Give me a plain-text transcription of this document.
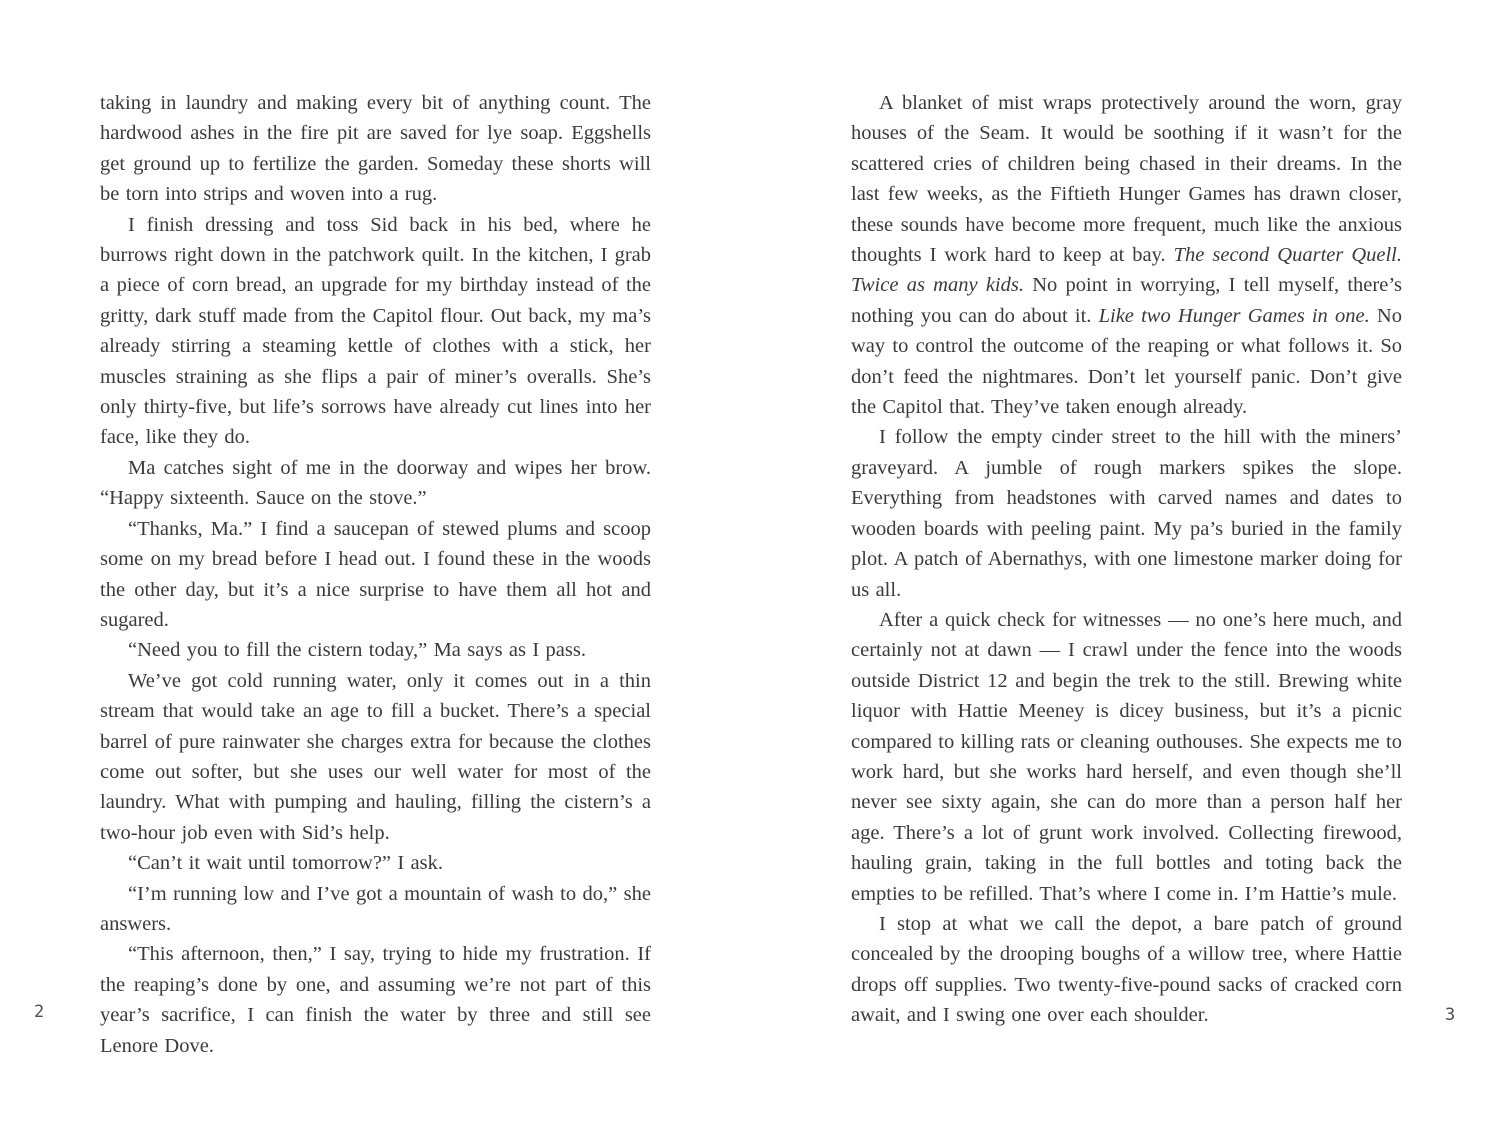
taking in laundry and making every bit of anything count. The hardwood ashes in the fire pit are saved for lye soap. Eggshells get ground up to fertilize the garden. Someday these shorts will be torn into strips and woven into a rug.

I finish dressing and toss Sid back in his bed, where he burrows right down in the patchwork quilt. In the kitchen, I grab a piece of corn bread, an upgrade for my birthday instead of the gritty, dark stuff made from the Capitol flour. Out back, my ma’s already stirring a steaming kettle of clothes with a stick, her muscles straining as she flips a pair of miner’s overalls. She’s only thirty-five, but life’s sorrows have already cut lines into her face, like they do.

Ma catches sight of me in the doorway and wipes her brow. “Happy sixteenth. Sauce on the stove.”

“Thanks, Ma.” I find a saucepan of stewed plums and scoop some on my bread before I head out. I found these in the woods the other day, but it’s a nice surprise to have them all hot and sugared.

“Need you to fill the cistern today,” Ma says as I pass.

We’ve got cold running water, only it comes out in a thin stream that would take an age to fill a bucket. There’s a special barrel of pure rainwater she charges extra for because the clothes come out softer, but she uses our well water for most of the laundry. What with pumping and hauling, filling the cistern’s a two-hour job even with Sid’s help.

“Can’t it wait until tomorrow?” I ask.

“I’m running low and I’ve got a mountain of wash to do,” she answers.

“This afternoon, then,” I say, trying to hide my frustration. If the reaping’s done by one, and assuming we’re not part of this year’s sacrifice, I can finish the water by three and still see Lenore Dove.

A blanket of mist wraps protectively around the worn, gray houses of the Seam. It would be soothing if it wasn’t for the scattered cries of children being chased in their dreams. In the last few weeks, as the Fiftieth Hunger Games has drawn closer, these sounds have become more frequent, much like the anxious thoughts I work hard to keep at bay. The second Quarter Quell. Twice as many kids. No point in worrying, I tell myself, there’s nothing you can do about it. Like two Hunger Games in one. No way to control the outcome of the reaping or what follows it. So don’t feed the nightmares. Don’t let yourself panic. Don’t give the Capitol that. They’ve taken enough already.

I follow the empty cinder street to the hill with the miners’ graveyard. A jumble of rough markers spikes the slope. Everything from headstones with carved names and dates to wooden boards with peeling paint. My pa’s buried in the family plot. A patch of Abernathys, with one limestone marker doing for us all.

After a quick check for witnesses — no one’s here much, and certainly not at dawn — I crawl under the fence into the woods outside District 12 and begin the trek to the still. Brewing white liquor with Hattie Meeney is dicey business, but it’s a picnic compared to killing rats or cleaning outhouses. She expects me to work hard, but she works hard herself, and even though she’ll never see sixty again, she can do more than a person half her age. There’s a lot of grunt work involved. Collecting firewood, hauling grain, taking in the full bottles and toting back the empties to be refilled. That’s where I come in. I’m Hattie’s mule.

I stop at what we call the depot, a bare patch of ground concealed by the drooping boughs of a willow tree, where Hattie drops off supplies. Two twenty-five-pound sacks of cracked corn await, and I swing one over each shoulder.

2	3
